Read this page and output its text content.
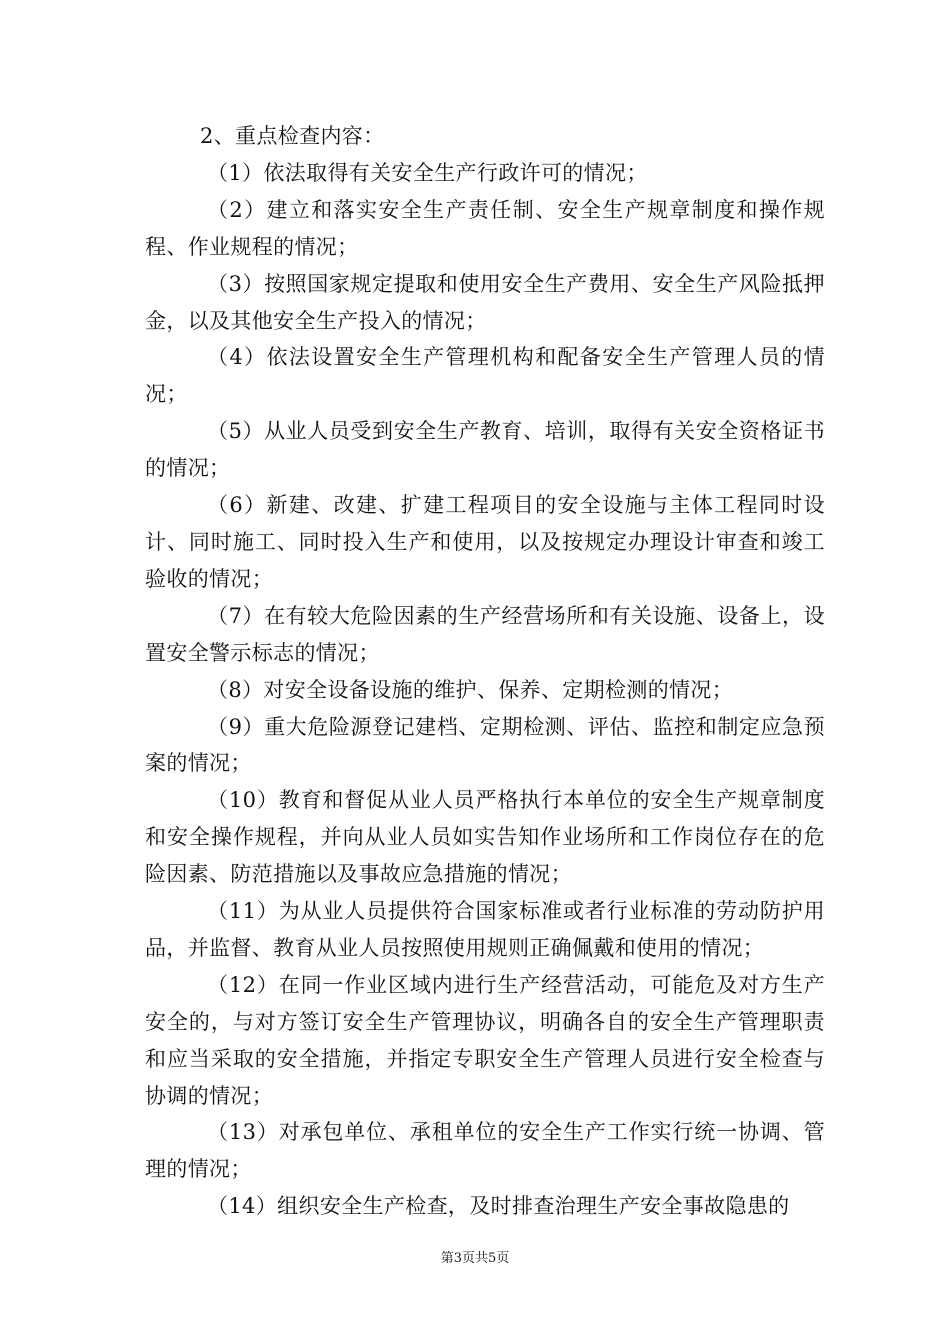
2、重点检查内容：

（1）依法取得有关安全生产行政许可的情况；

（2）建立和落实安全生产责任制、安全生产规章制度和操作规程、作业规程的情况；

（3）按照国家规定提取和使用安全生产费用、安全生产风险抵押金，以及其他安全生产投入的情况；

（4）依法设置安全生产管理机构和配备安全生产管理人员的情况；

（5）从业人员受到安全生产教育、培训，取得有关安全资格证书的情况；

（6）新建、改建、扩建工程项目的安全设施与主体工程同时设计、同时施工、同时投入生产和使用，以及按规定办理设计审查和竣工验收的情况；

（7）在有较大危险因素的生产经营场所和有关设施、设备上，设置安全警示标志的情况；

（8）对安全设备设施的维护、保养、定期检测的情况；

（9）重大危险源登记建档、定期检测、评估、监控和制定应急预案的情况；

（10）教育和督促从业人员严格执行本单位的安全生产规章制度和安全操作规程，并向从业人员如实告知作业场所和工作岗位存在的危险因素、防范措施以及事故应急措施的情况；

（11）为从业人员提供符合国家标准或者行业标准的劳动防护用品，并监督、教育从业人员按照使用规则正确佩戴和使用的情况；

（12）在同一作业区域内进行生产经营活动，可能危及对方生产安全的，与对方签订安全生产管理协议，明确各自的安全生产管理职责和应当采取的安全措施，并指定专职安全生产管理人员进行安全检查与协调的情况；

（13）对承包单位、承租单位的安全生产工作实行统一协调、管理的情况；

（14）组织安全生产检查，及时排查治理生产安全事故隐患的

第3页共5页
